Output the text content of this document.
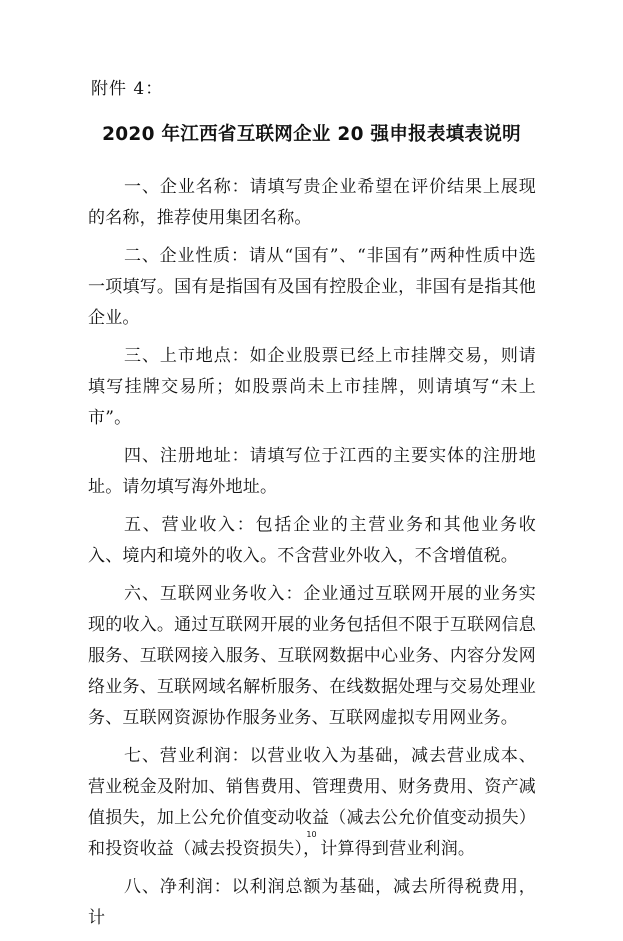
附件 4：
2020 年江西省互联网企业 20 强申报表填表说明

一、企业名称：请填写贵企业希望在评价结果上展现的名称，推荐使用集团名称。

二、企业性质：请从“国有”、“非国有”两种性质中选一项填写。国有是指国有及国有控股企业，非国有是指其他企业。

三、上市地点：如企业股票已经上市挂牌交易，则请填写挂牌交易所；如股票尚未上市挂牌，则请填写“未上市”。

四、注册地址：请填写位于江西的主要实体的注册地址。请勿填写海外地址。

五、营业收入：包括企业的主营业务和其他业务收入、境内和境外的收入。不含营业外收入，不含增值税。

六、互联网业务收入：企业通过互联网开展的业务实现的收入。通过互联网开展的业务包括但不限于互联网信息服务、互联网接入服务、互联网数据中心业务、内容分发网络业务、互联网域名解析服务、在线数据处理与交易处理业务、互联网资源协作服务业务、互联网虚拟专用网业务。

七、营业利润：以营业收入为基础，减去营业成本、营业税金及附加、销售费用、管理费用、财务费用、资产减值损失，加上公允价值变动收益（减去公允价值变动损失）和投资收益（减去投资损失），计算得到营业利润。

八、净利润：以利润总额为基础，减去所得税费用，计

10
